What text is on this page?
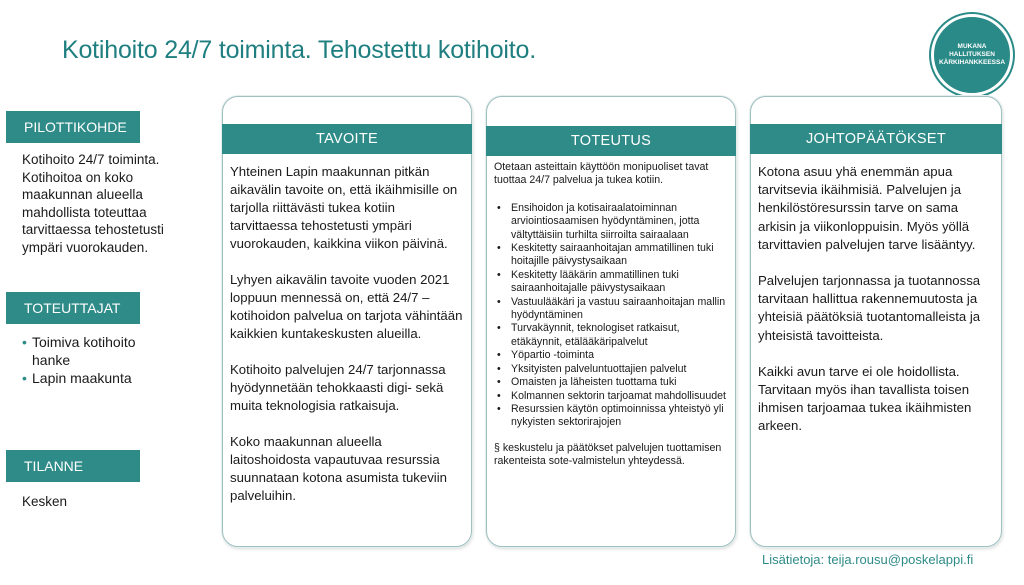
Kotihoito 24/7 toiminta. Tehostettu kotihoito.	MUKANA
HALLITUKSEN
KÄRKIHANKKEESSA
PILOTTIKOHDE
Kotihoito 24/7 toiminta. Kotihoitoa on koko maakunnan alueella mahdollista toteuttaa tarvittaessa tehostetusti ympäri vuorokauden.
TOTEUTTAJAT
• Toimiva kotihoito hanke
• Lapin maakunta
TILANNE
Kesken
TAVOITE

Yhteinen Lapin maakunnan pitkän aikavälin tavoite on, että ikäihmisille on tarjolla riittävästi tukea kotiin tarvittaessa tehostetusti ympäri vuorokauden, kaikkina viikon päivinä.

Lyhyen aikavälin tavoite vuoden 2021 loppuun mennessä on, että 24/7 – kotihoidon palvelua on tarjota vähintään kaikkien kuntakeskusten alueilla.

Kotihoito palvelujen 24/7 tarjonnassa hyödynnetään tehokkaasti digi- sekä muita teknologisia ratkaisuja.

Koko maakunnan alueella laitoshoidosta vapautuvaa resurssia suunnataan kotona asumista tukeviin palveluihin.

TOTEUTUS

Otetaan asteittain käyttöön monipuoliset tavat tuottaa 24/7 palvelua ja tukea kotiin.

• Ensihoidon ja kotisairaalatoiminnan arviointiosaamisen hyödyntäminen, jotta vältyttäisiin turhilta siirroilta sairaalaan
• Keskitetty sairaanhoitajan ammatillinen tuki hoitajille päivystysaikaan
• Keskitetty lääkärin ammatillinen tuki sairaanhoitajalle päivystysaikaan
• Vastuulääkäri ja vastuu sairaanhoitajan mallin hyödyntäminen
• Turvakäynnit, teknologiset ratkaisut, etäkäynnit, etälääkäripalvelut
• Yöpartio -toiminta
• Yksityisten palveluntuottajien palvelut
• Omaisten ja läheisten tuottama tuki
• Kolmannen sektorin tarjoamat mahdollisuudet
• Resurssien käytön optimoinnissa yhteistyö yli nykyisten sektorirajojen

§ keskustelu ja päätökset palvelujen tuottamisen rakenteista sote-valmistelun yhteydessä.

JOHTOPÄÄTÖKSET

Kotona asuu yhä enemmän apua tarvitsevia ikäihmisiä. Palvelujen ja henkilöstöresurssin tarve on sama arkisin ja viikonloppuisin. Myös yöllä tarvittavien palvelujen tarve lisääntyy.

Palvelujen tarjonnassa ja tuotannossa tarvitaan hallittua rakennemuutosta ja yhteisiä päätöksiä tuotantomalleista ja yhteisistä tavoitteista.

Kaikki avun tarve ei ole hoidollista. Tarvitaan myös ihan tavallista toisen ihmisen tarjoamaa tukea ikäihmisten arkeen.

Lisätietoja: teija.rousu@poskelappi.fi
